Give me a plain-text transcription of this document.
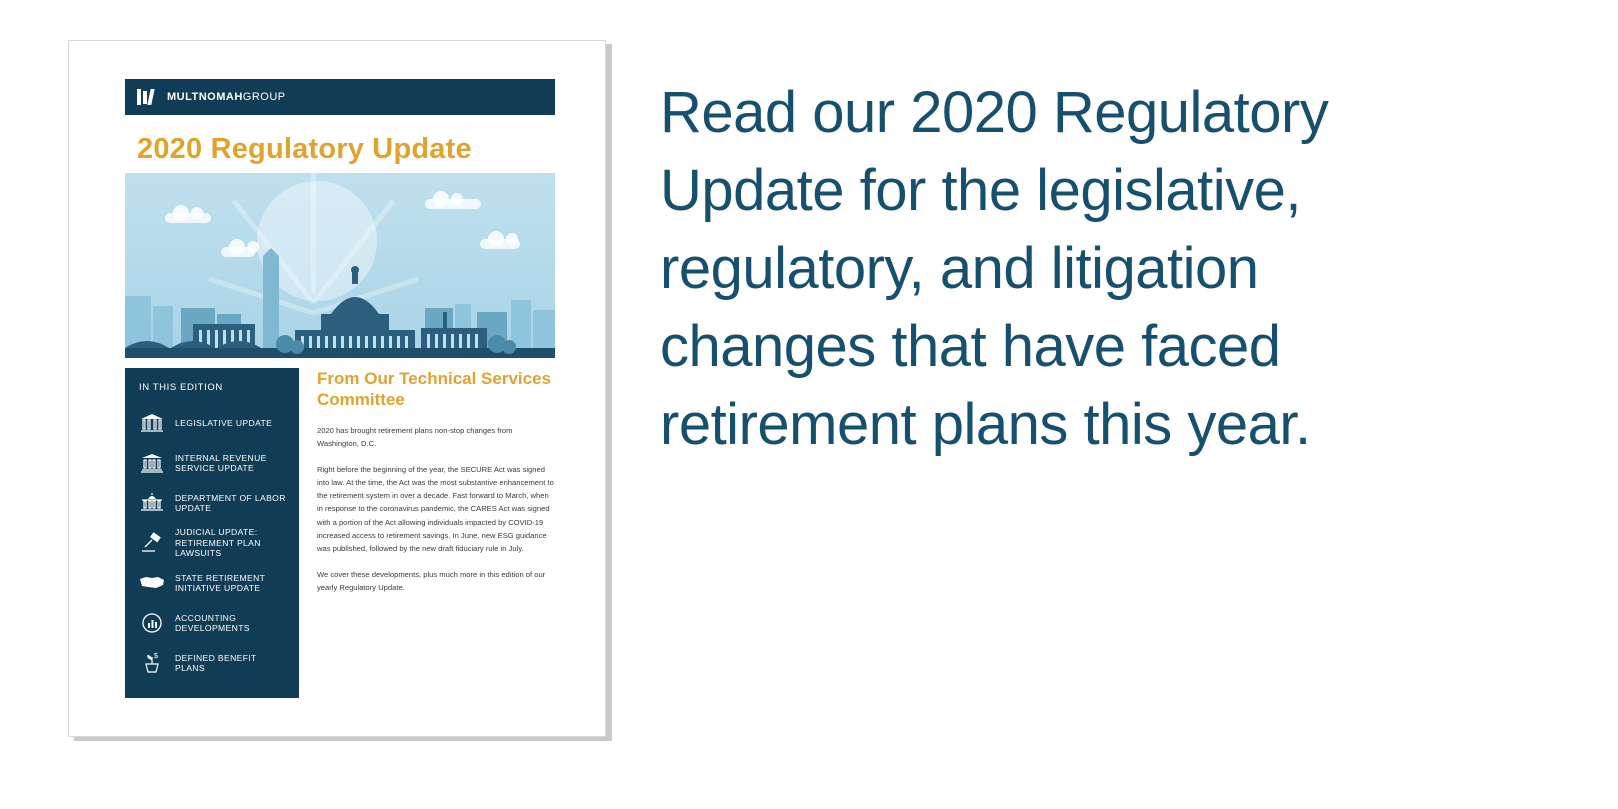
MULTNOMAHGROUP
2020 Regulatory Update
IN THIS EDITION
LEGISLATIVE UPDATE
INTERNAL REVENUE SERVICE UPDATE
DEPARTMENT OF LABOR UPDATE
JUDICIAL UPDATE: RETIREMENT PLAN LAWSUITS
STATE RETIREMENT INITIATIVE UPDATE
ACCOUNTING DEVELOPMENTS
$ DEFINED BENEFIT PLANS
From Our Technical Services Committee

2020 has brought retirement plans non-stop changes from Washington, D.C.

Right before the beginning of the year, the SECURE Act was signed into law. At the time, the Act was the most substantive enhancement to the retirement system in over a decade. Fast forward to March, when in response to the coronavirus pandemic, the CARES Act was signed with a portion of the Act allowing individuals impacted by COVID-19 increased access to retirement savings. In June, new ESG guidance was published, followed by the new draft fiduciary rule in July.

We cover these developments, plus much more in this edition of our yearly Regulatory Update.

Read our 2020 Regulatory Update for the legislative, regulatory, and litigation changes that have faced retirement plans this year.
